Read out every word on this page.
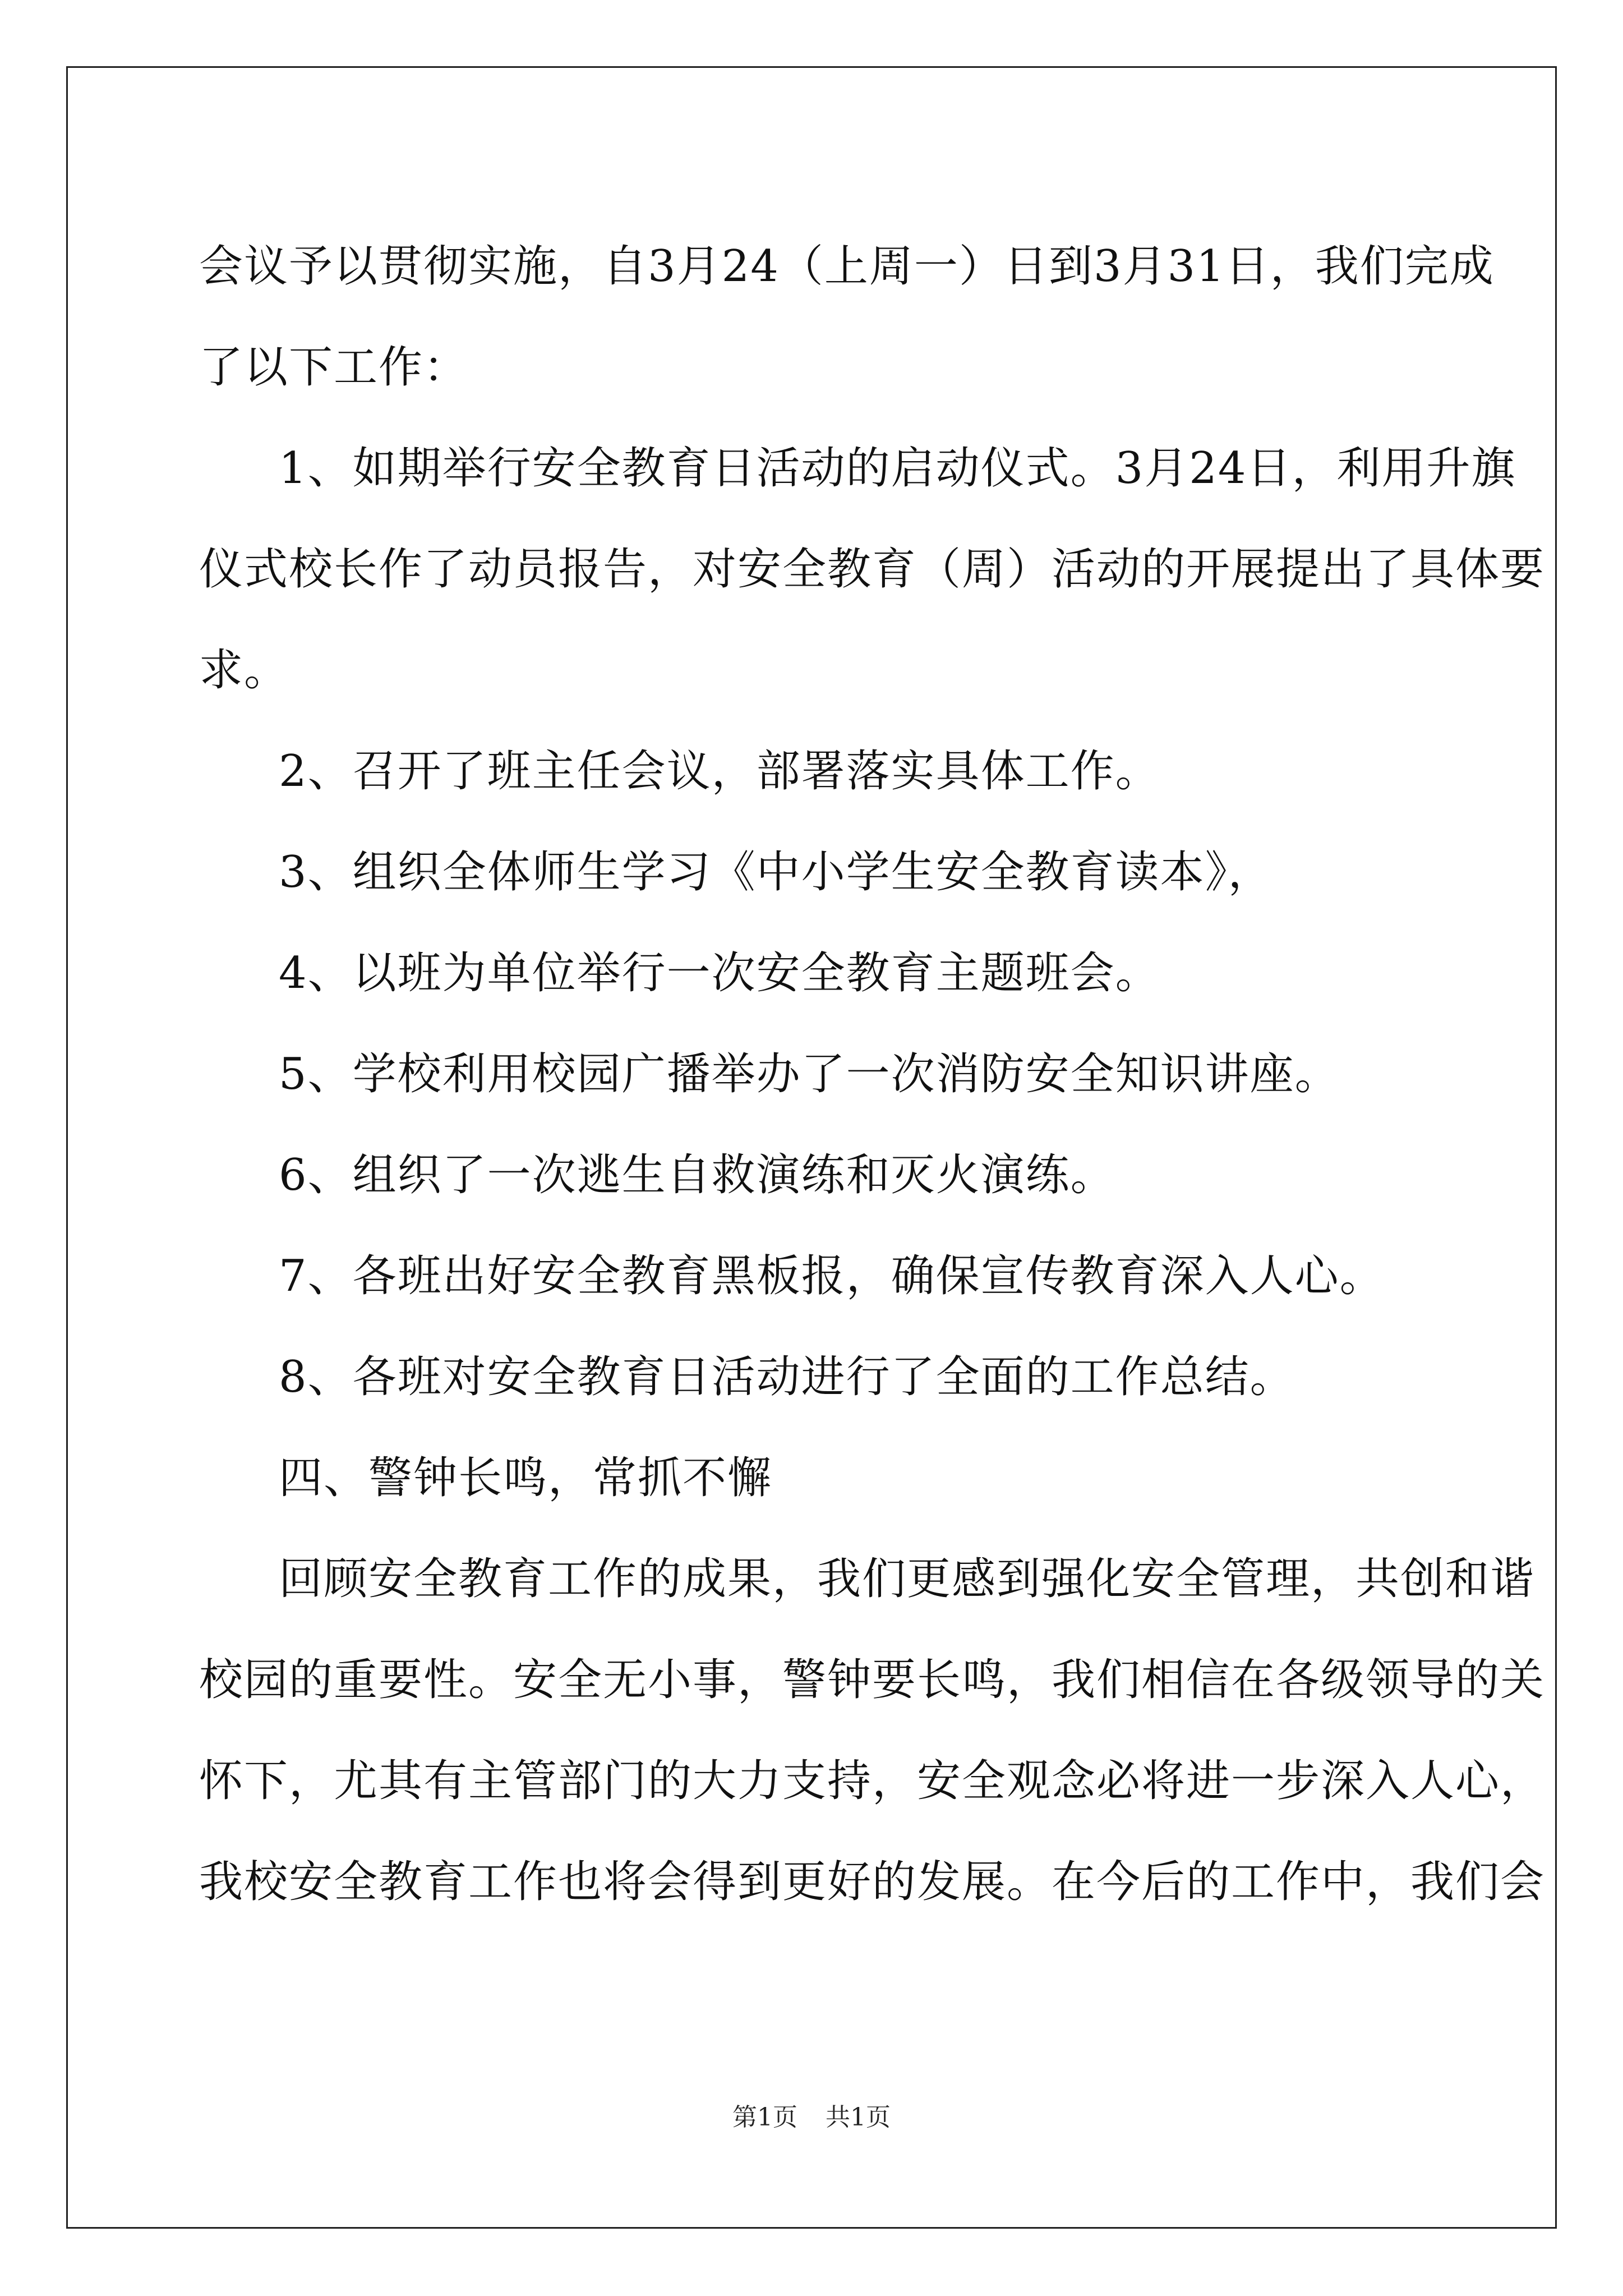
会议予以贯彻实施，自3月24（上周一）日到3月31日，我们完成
了以下工作：
1、如期举行安全教育日活动的启动仪式。3月24日，利用升旗
仪式校长作了动员报告，对安全教育（周）活动的开展提出了具体要
求。
2、召开了班主任会议，部署落实具体工作。
3、组织全体师生学习《中小学生安全教育读本》，
4、以班为单位举行一次安全教育主题班会。
5、学校利用校园广播举办了一次消防安全知识讲座。
6、组织了一次逃生自救演练和灭火演练。
7、各班出好安全教育黑板报，确保宣传教育深入人心。
8、各班对安全教育日活动进行了全面的工作总结。
四、警钟长鸣，常抓不懈
回顾安全教育工作的成果，我们更感到强化安全管理，共创和谐
校园的重要性。安全无小事，警钟要长鸣，我们相信在各级领导的关
怀下，尤其有主管部门的大力支持，安全观念必将进一步深入人心，
我校安全教育工作也将会得到更好的发展。在今后的工作中，我们会
第1页 共1页
